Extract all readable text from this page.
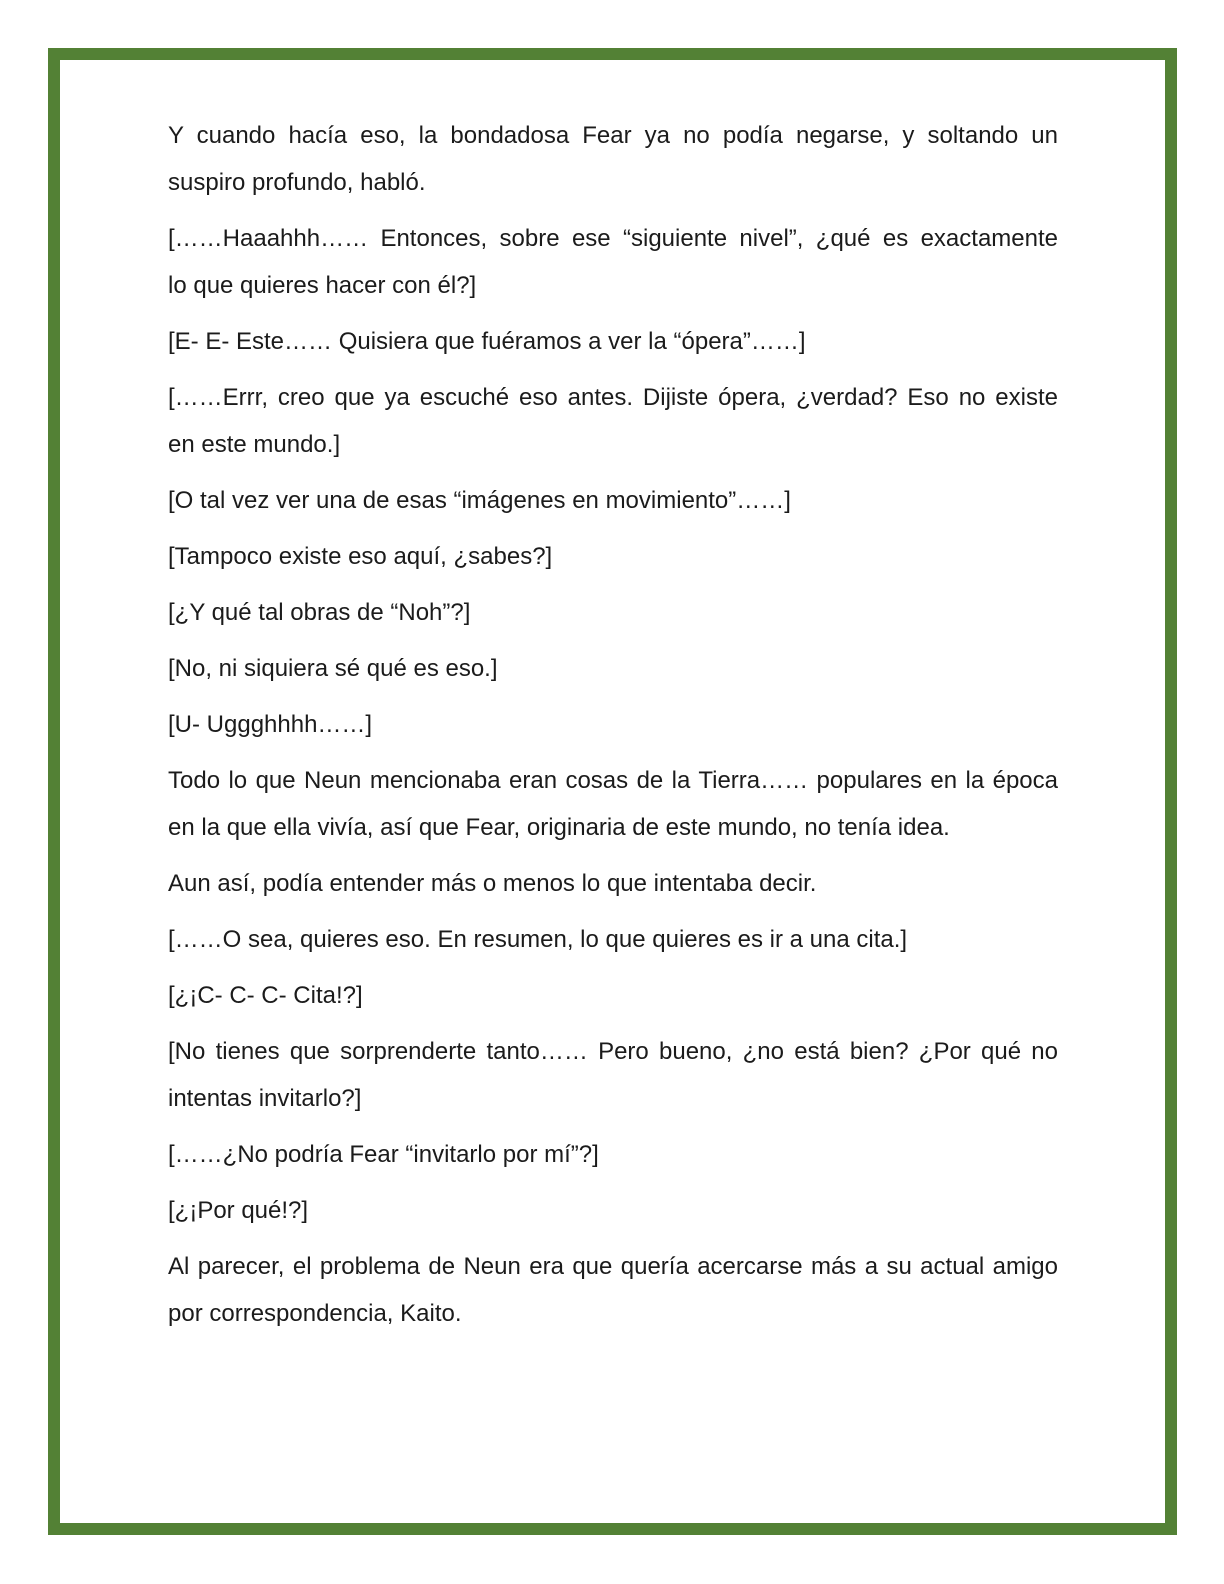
Y cuando hacía eso, la bondadosa Fear ya no podía negarse, y soltando un
suspiro profundo, habló.

[……Haaahhh…… Entonces, sobre ese “siguiente nivel”, ¿qué es exactamente
lo que quieres hacer con él?]

[E- E- Este…… Quisiera que fuéramos a ver la “ópera”……]

[……Errr, creo que ya escuché eso antes. Dijiste ópera, ¿verdad? Eso no existe
en este mundo.]

[O tal vez ver una de esas “imágenes en movimiento”……]

[Tampoco existe eso aquí, ¿sabes?]

[¿Y qué tal obras de “Noh”?]

[No, ni siquiera sé qué es eso.]

[U- Uggghhhh……]

Todo lo que Neun mencionaba eran cosas de la Tierra…… populares en la época
en la que ella vivía, así que Fear, originaria de este mundo, no tenía idea.

Aun así, podía entender más o menos lo que intentaba decir.

[……O sea, quieres eso. En resumen, lo que quieres es ir a una cita.]

[¿¡C- C- C- Cita!?]

[No tienes que sorprenderte tanto…… Pero bueno, ¿no está bien? ¿Por qué no
intentas invitarlo?]

[……¿No podría Fear “invitarlo por mí”?]

[¿¡Por qué!?]

Al parecer, el problema de Neun era que quería acercarse más a su actual amigo
por correspondencia, Kaito.
